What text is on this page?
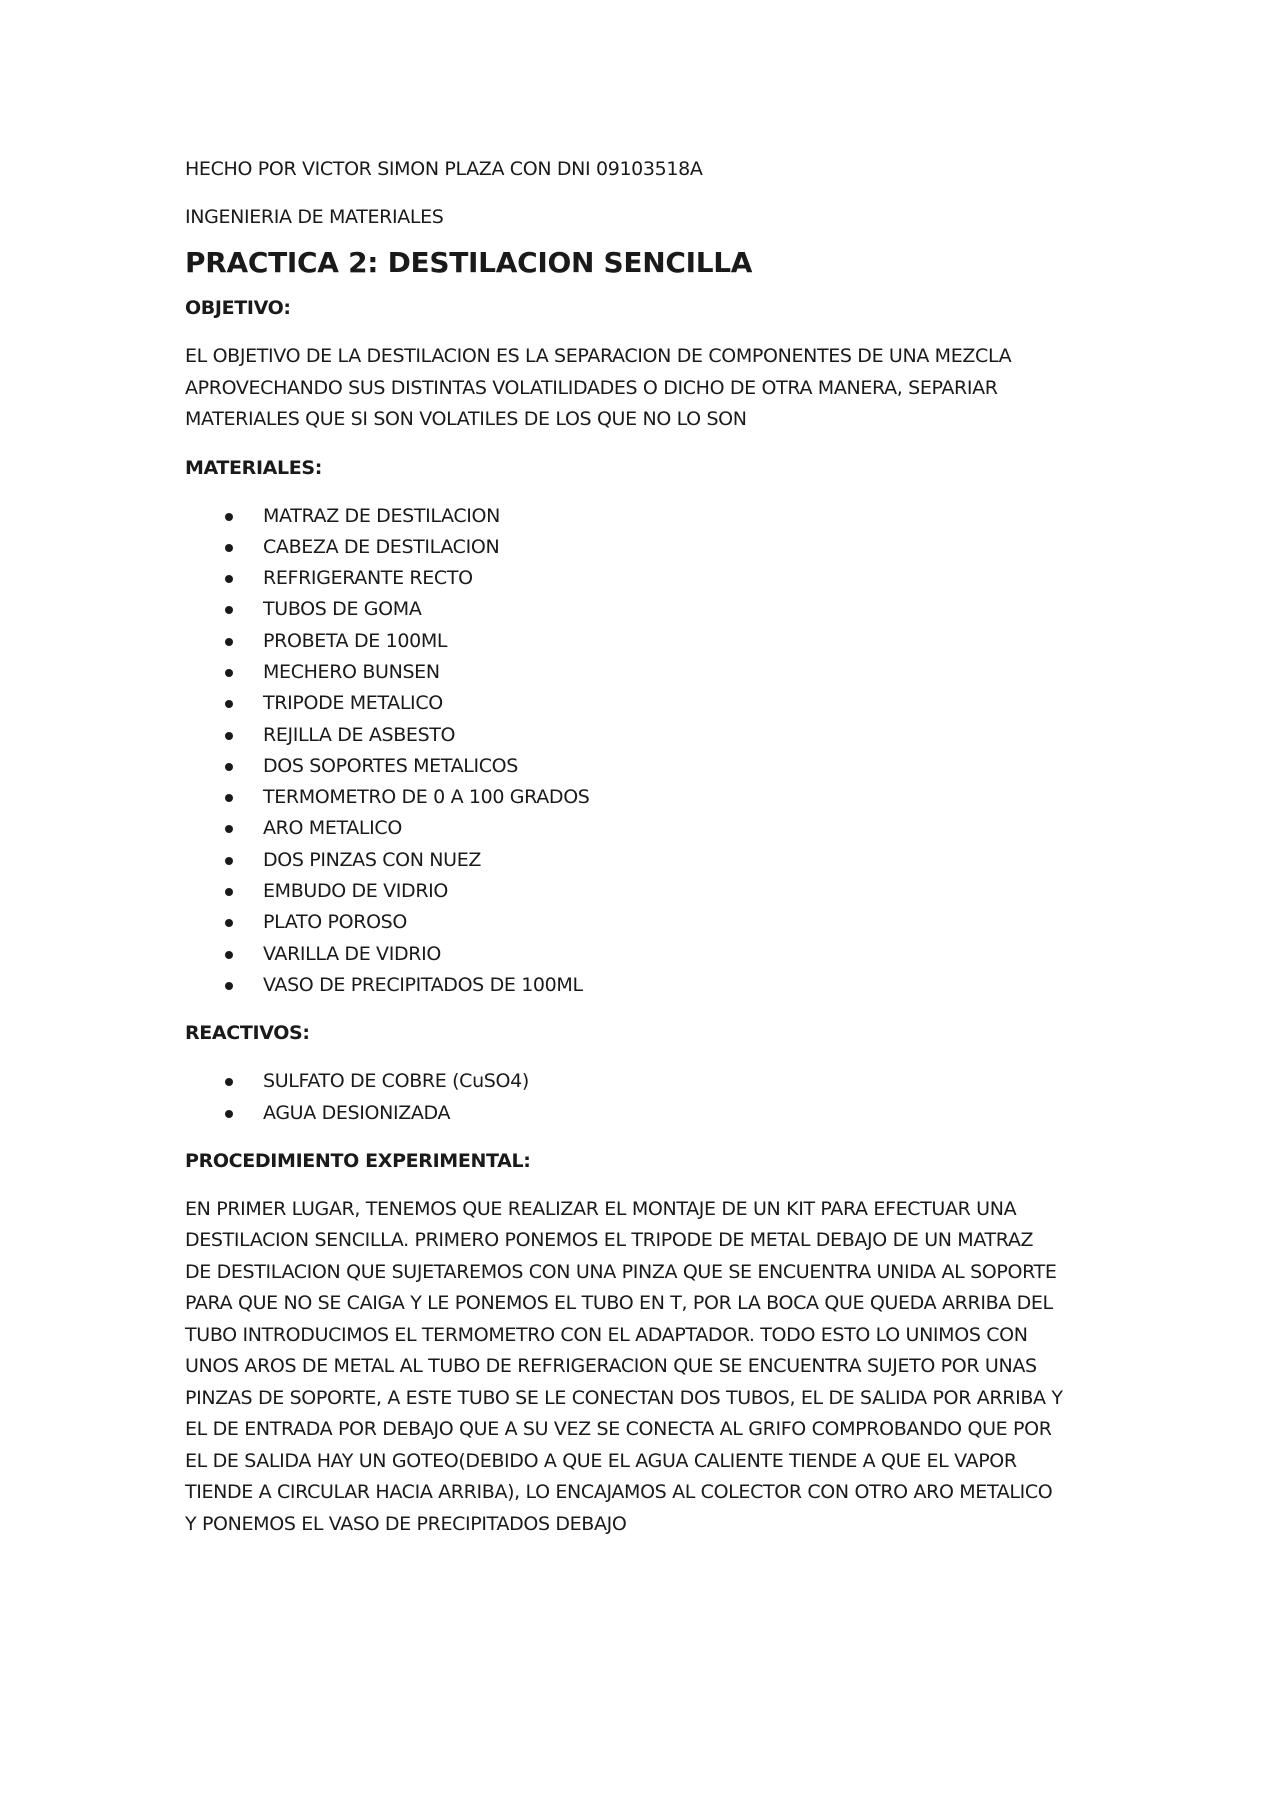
HECHO POR VICTOR SIMON PLAZA CON DNI 09103518A
INGENIERIA DE MATERIALES
PRACTICA 2: DESTILACION SENCILLA
OBJETIVO:
EL OBJETIVO DE LA DESTILACION ES LA SEPARACION DE COMPONENTES DE UNA MEZCLA
APROVECHANDO SUS DISTINTAS VOLATILIDADES O DICHO DE OTRA MANERA, SEPARIAR
MATERIALES QUE SI SON VOLATILES DE LOS QUE NO LO SON
MATERIALES:
MATRAZ DE DESTILACION
CABEZA DE DESTILACION
REFRIGERANTE RECTO
TUBOS DE GOMA
PROBETA DE 100ML
MECHERO BUNSEN
TRIPODE METALICO
REJILLA DE ASBESTO
DOS SOPORTES METALICOS
TERMOMETRO DE 0 A 100 GRADOS
ARO METALICO
DOS PINZAS CON NUEZ
EMBUDO DE VIDRIO
PLATO POROSO
VARILLA DE VIDRIO
VASO DE PRECIPITADOS DE 100ML
REACTIVOS:
SULFATO DE COBRE (CuSO4)
AGUA DESIONIZADA
PROCEDIMIENTO EXPERIMENTAL:
EN PRIMER LUGAR, TENEMOS QUE REALIZAR EL MONTAJE DE UN KIT PARA EFECTUAR UNA
DESTILACION SENCILLA. PRIMERO PONEMOS EL TRIPODE DE METAL DEBAJO DE UN MATRAZ
DE DESTILACION QUE SUJETAREMOS CON UNA PINZA QUE SE ENCUENTRA UNIDA AL SOPORTE
PARA QUE NO SE CAIGA Y LE PONEMOS EL TUBO EN T, POR LA BOCA QUE QUEDA ARRIBA DEL
TUBO INTRODUCIMOS EL TERMOMETRO CON EL ADAPTADOR. TODO ESTO LO UNIMOS CON
UNOS AROS DE METAL AL TUBO DE REFRIGERACION QUE SE ENCUENTRA SUJETO POR UNAS
PINZAS DE SOPORTE, A ESTE TUBO SE LE CONECTAN DOS TUBOS, EL DE SALIDA POR ARRIBA Y
EL DE ENTRADA POR DEBAJO QUE A SU VEZ SE CONECTA AL GRIFO COMPROBANDO QUE POR
EL DE SALIDA HAY UN GOTEO(DEBIDO A QUE EL AGUA CALIENTE TIENDE A QUE EL VAPOR
TIENDE A CIRCULAR HACIA ARRIBA), LO ENCAJAMOS AL COLECTOR CON OTRO ARO METALICO
Y PONEMOS EL VASO DE PRECIPITADOS DEBAJO
